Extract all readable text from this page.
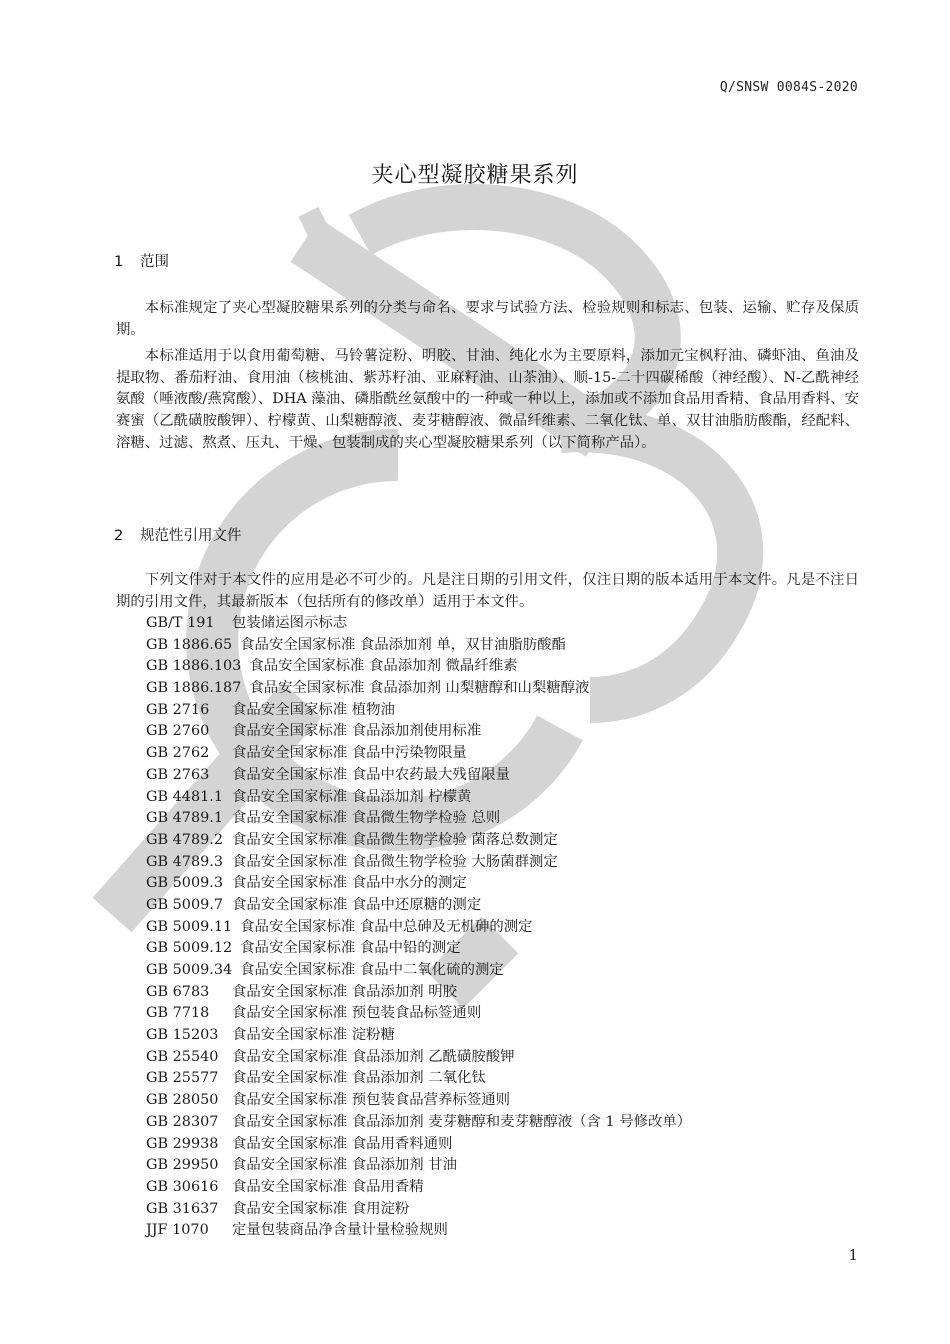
Q/SNSW 0084S-2020
夹心型凝胶糖果系列
1 范围

本标准规定了夹心型凝胶糖果系列的分类与命名、要求与试验方法、检验规则和标志、包装、运输、贮存及保质期。

本标准适用于以食用葡萄糖、马铃薯淀粉、明胶、甘油、纯化水为主要原料，添加元宝枫籽油、磷虾油、鱼油及提取物、番茄籽油、食用油（核桃油、紫苏籽油、亚麻籽油、山茶油）、顺-15-二十四碳稀酸（神经酸）、N-乙酰神经氨酸（唾液酸/燕窝酸）、DHA 藻油、磷脂酰丝氨酸中的一种或一种以上，添加或不添加食品用香精、食品用香料、安赛蜜（乙酰磺胺酸钾）、柠檬黄、山梨糖醇液、麦芽糖醇液、微晶纤维素、二氧化钛、单、双甘油脂肪酸酯，经配料、溶糖、过滤、熬煮、压丸、干燥、包装制成的夹心型凝胶糖果系列（以下简称产品）。

2 规范性引用文件

下列文件对于本文件的应用是必不可少的。凡是注日期的引用文件，仅注日期的版本适用于本文件。凡是不注日期的引用文件，其最新版本（包括所有的修改单）适用于本文件。

GB/T 191 包装储运图示标志
GB 1886.65 食品安全国家标准 食品添加剂 单，双甘油脂肪酸酯
GB 1886.103 食品安全国家标准 食品添加剂 微晶纤维素
GB 1886.187 食品安全国家标准 食品添加剂 山梨糖醇和山梨糖醇液
GB 2716 食品安全国家标准 植物油
GB 2760 食品安全国家标准 食品添加剂使用标准
GB 2762 食品安全国家标准 食品中污染物限量
GB 2763 食品安全国家标准 食品中农药最大残留限量
GB 4481.1 食品安全国家标准 食品添加剂 柠檬黄
GB 4789.1 食品安全国家标准 食品微生物学检验 总则
GB 4789.2 食品安全国家标准 食品微生物学检验 菌落总数测定
GB 4789.3 食品安全国家标准 食品微生物学检验 大肠菌群测定
GB 5009.3 食品安全国家标准 食品中水分的测定
GB 5009.7 食品安全国家标准 食品中还原糖的测定
GB 5009.11 食品安全国家标准 食品中总砷及无机砷的测定
GB 5009.12 食品安全国家标准 食品中铅的测定
GB 5009.34 食品安全国家标准 食品中二氧化硫的测定
GB 6783 食品安全国家标准 食品添加剂 明胶
GB 7718 食品安全国家标准 预包装食品标签通则
GB 15203 食品安全国家标准 淀粉糖
GB 25540 食品安全国家标准 食品添加剂 乙酰磺胺酸钾
GB 25577 食品安全国家标准 食品添加剂 二氧化钛
GB 28050 食品安全国家标准 预包装食品营养标签通则
GB 28307 食品安全国家标准 食品添加剂 麦芽糖醇和麦芽糖醇液（含 1 号修改单）
GB 29938 食品安全国家标准 食品用香料通则
GB 29950 食品安全国家标准 食品添加剂 甘油
GB 30616 食品安全国家标准 食品用香精
GB 31637 食品安全国家标准 食用淀粉
JJF 1070 定量包装商品净含量计量检验规则
1
